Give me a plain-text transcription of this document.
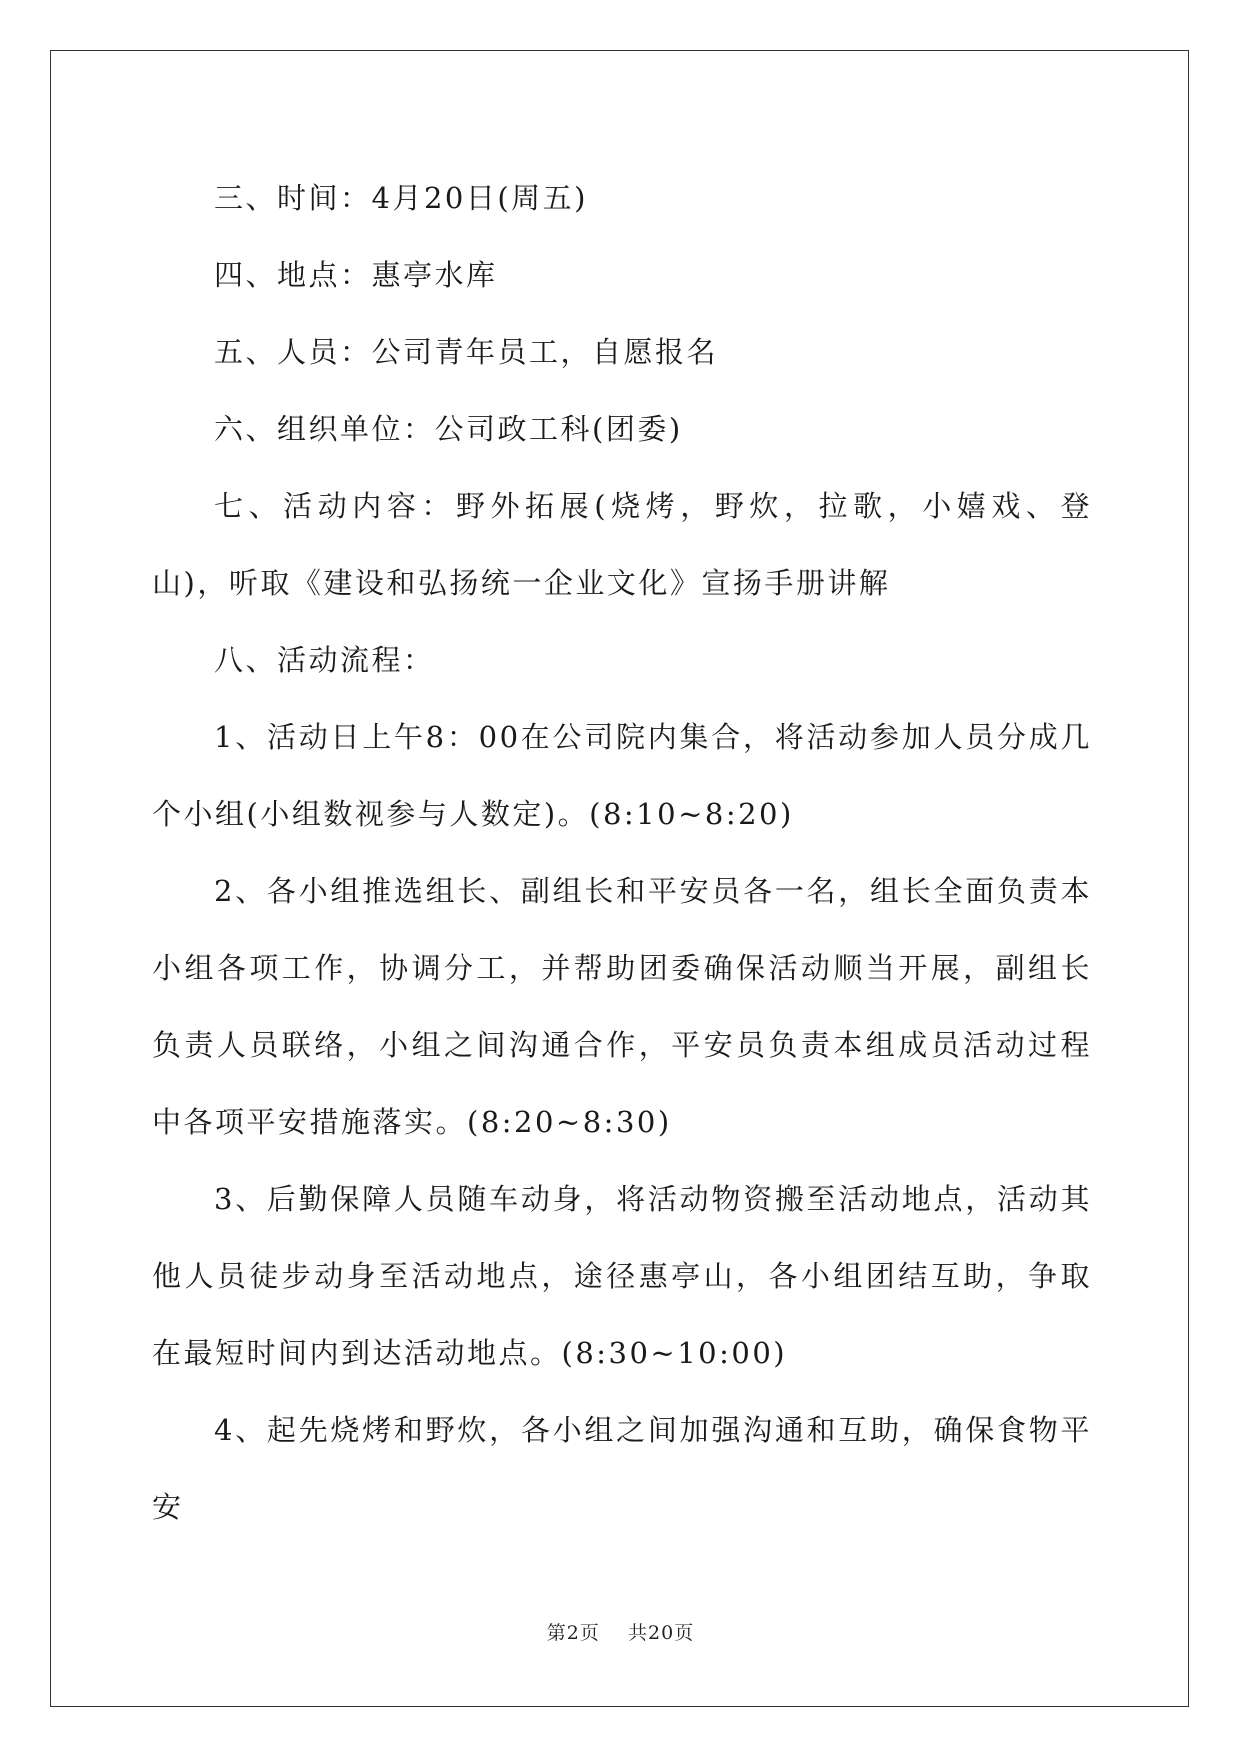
三、时间：4月20日(周五)

四、地点：惠亭水库

五、人员：公司青年员工，自愿报名

六、组织单位：公司政工科(团委)

七、活动内容：野外拓展(烧烤，野炊，拉歌，小嬉戏、登山)，听取《建设和弘扬统一企业文化》宣扬手册讲解

八、活动流程：

1、活动日上午8：00在公司院内集合，将活动参加人员分成几个小组(小组数视参与人数定)。(8:10~8:20)

2、各小组推选组长、副组长和平安员各一名，组长全面负责本小组各项工作，协调分工，并帮助团委确保活动顺当开展，副组长负责人员联络，小组之间沟通合作，平安员负责本组成员活动过程中各项平安措施落实。(8:20~8:30)

3、后勤保障人员随车动身，将活动物资搬至活动地点，活动其他人员徒步动身至活动地点，途径惠亭山，各小组团结互助，争取在最短时间内到达活动地点。(8:30~10:00)

4、起先烧烤和野炊，各小组之间加强沟通和互助，确保食物平安

第2页 共20页
